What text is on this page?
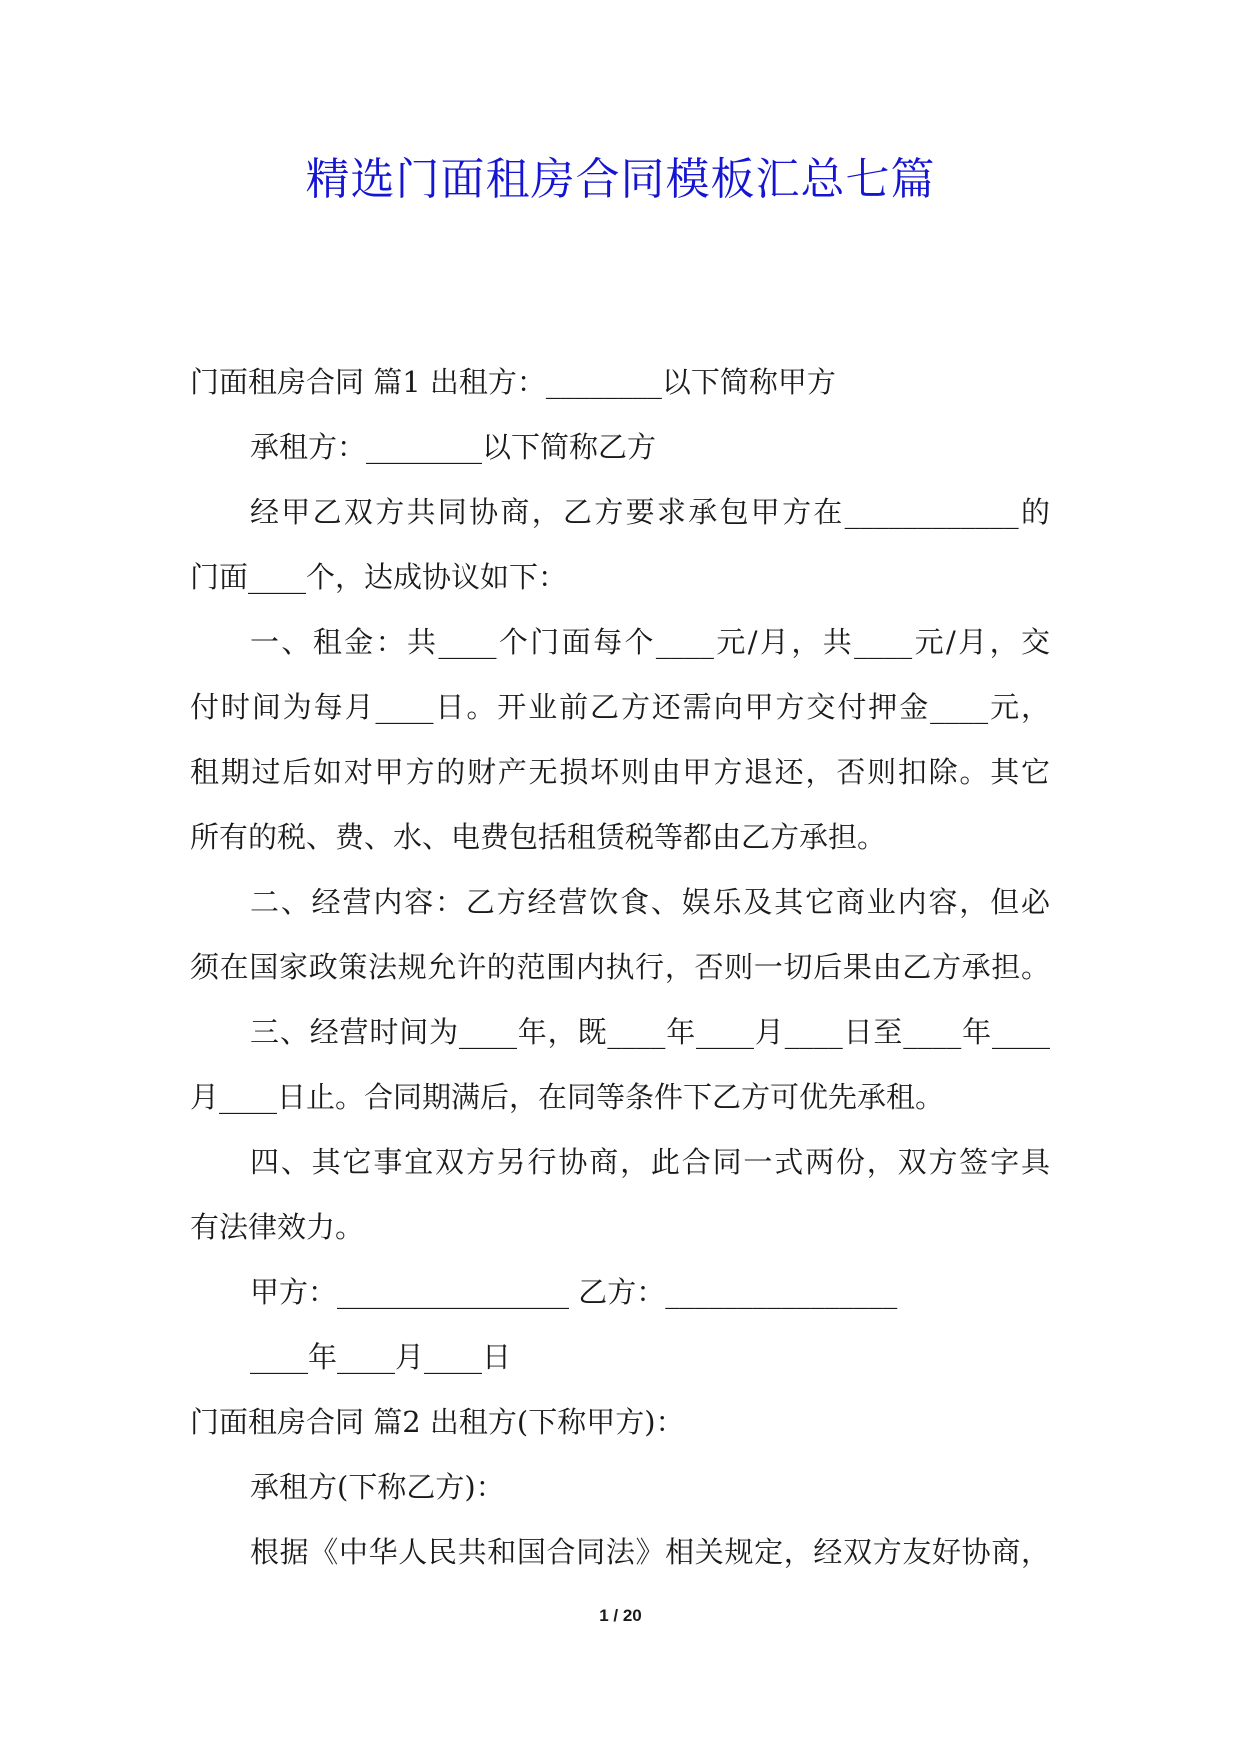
精选门面租房合同模板汇总七篇
门面租房合同 篇1 出租方：________以下简称甲方
承租方：________以下简称乙方
经甲乙双方共同协商，乙方要求承包甲方在____________的
门面____个，达成协议如下：
一、租金：共____个门面每个____元/月，共____元/月，交
付时间为每月____日。开业前乙方还需向甲方交付押金____元，
租期过后如对甲方的财产无损坏则由甲方退还，否则扣除。其它
所有的税、费、水、电费包括租赁税等都由乙方承担。
二、经营内容：乙方经营饮食、娱乐及其它商业内容，但必
须在国家政策法规允许的范围内执行，否则一切后果由乙方承担。
三、经营时间为____年，既____年____月____日至____年____
月____日止。合同期满后，在同等条件下乙方可优先承租。
四、其它事宜双方另行协商，此合同一式两份，双方签字具
有法律效力。
甲方：________________ 乙方：________________
____年____月____日
门面租房合同 篇2 出租方(下称甲方)：
承租方(下称乙方)：
根据《中华人民共和国合同法》相关规定，经双方友好协商，
1 / 20
